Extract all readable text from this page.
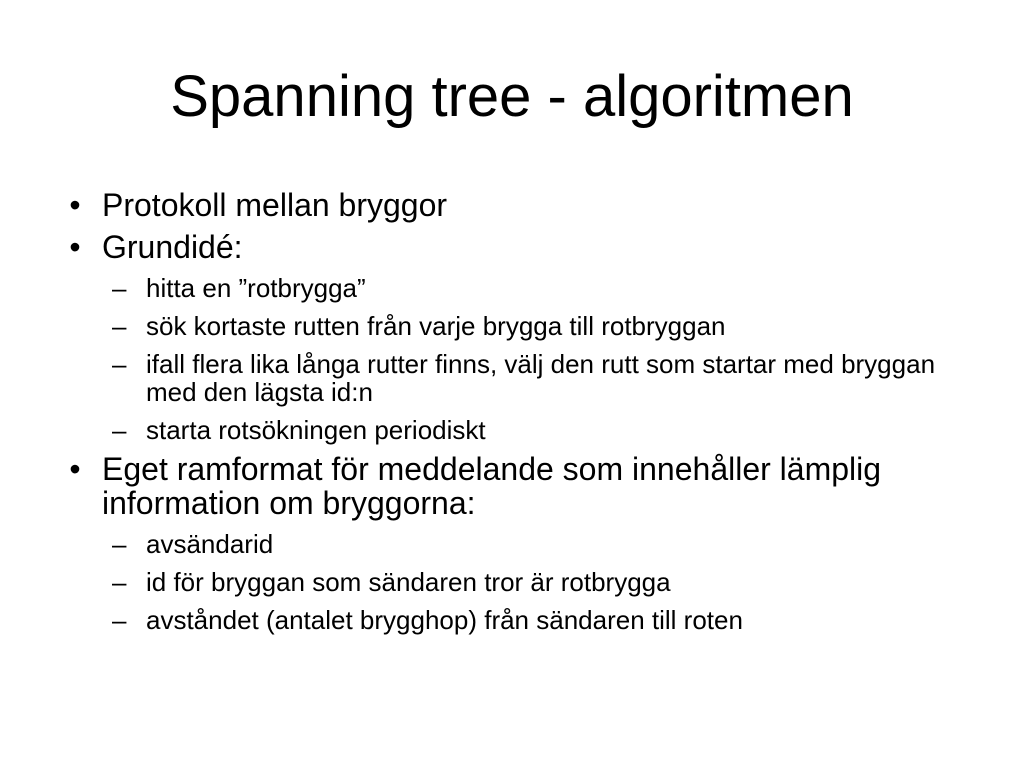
Spanning tree - algoritmen
• Protokoll mellan bryggor
• Grundidé:
– hitta en ”rotbrygga”
– sök kortaste rutten från varje brygga till rotbryggan
– ifall flera lika långa rutter finns, välj den rutt som startar med bryggan med den lägsta id:n
– starta rotsökningen periodiskt
• Eget ramformat för meddelande som innehåller lämplig information om bryggorna:
– avsändarid
– id för bryggan som sändaren tror är rotbrygga
– avståndet (antalet brygghop) från sändaren till roten
